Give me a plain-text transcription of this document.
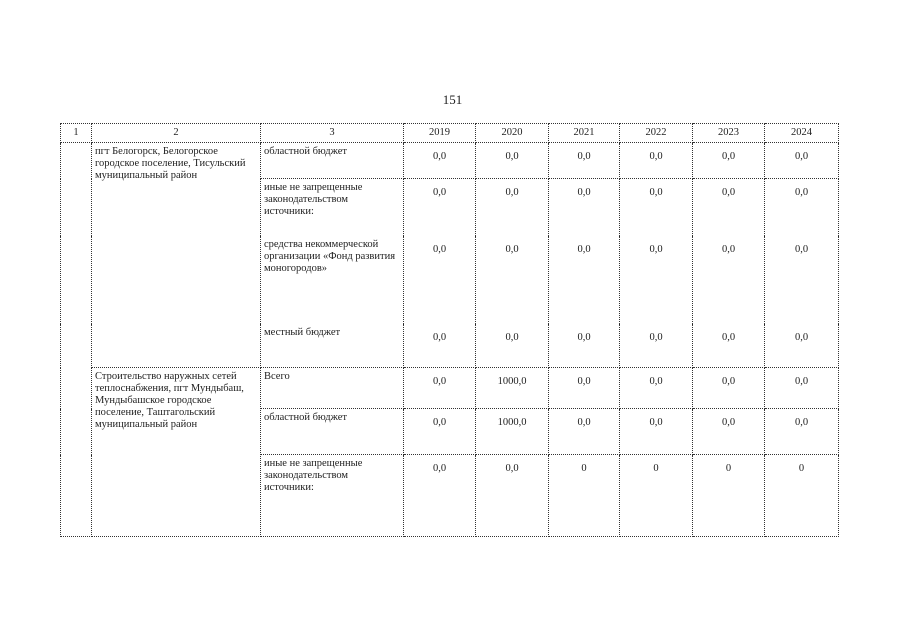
151
1	2	3	2019	2020	2021	2022	2023	2024
	пгт Белогорск, Белогорское городское поселение, Тисульский муниципальный район	областной бюджет	0,0	0,0	0,0	0,0	0,0	0,0
		иные не запрещенные законодательством источники:	0,0	0,0	0,0	0,0	0,0	0,0
		средства некоммерческой организации «Фонд развития моногородов»	0,0	0,0	0,0	0,0	0,0	0,0
		местный бюджет	0,0	0,0	0,0	0,0	0,0	0,0
	Строительство наружных сетей теплоснабжения, пгт Мундыбаш, Мундыбашское городское поселение, Таштагольский муниципальный район	Всего	0,0	1000,0	0,0	0,0	0,0	0,0
		областной бюджет	0,0	1000,0	0,0	0,0	0,0	0,0
		иные не запрещенные законодательством источники:	0,0	0,0	0	0	0	0
